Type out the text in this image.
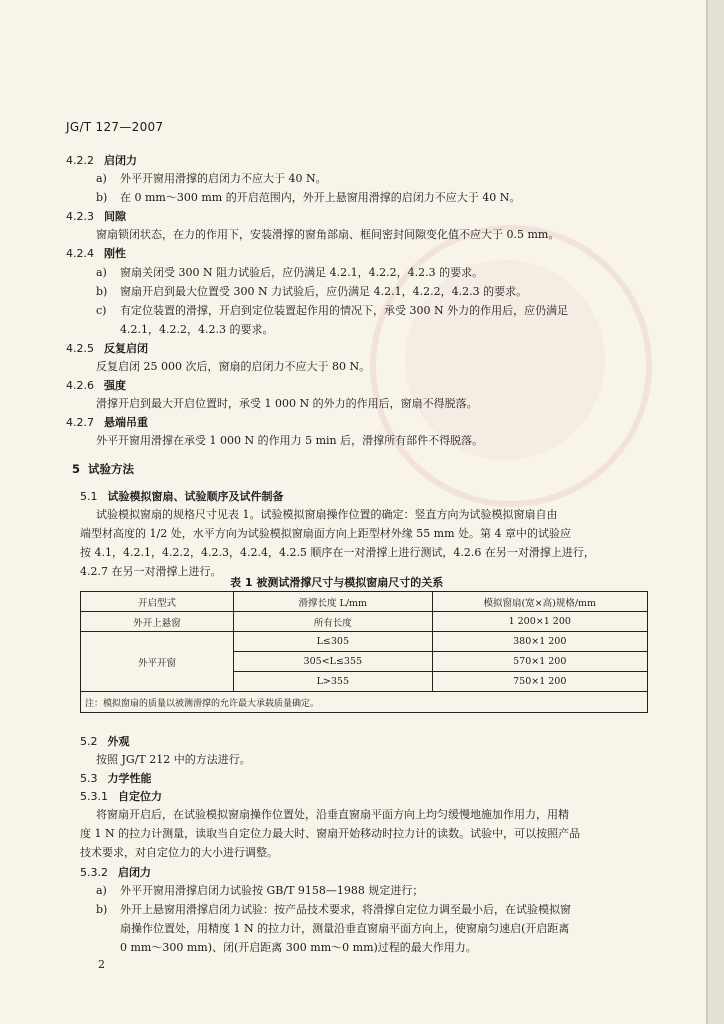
JG/T 127—2007
4.2.2 启闭力
a) 外平开窗用滑撑的启闭力不应大于 40 N。
b) 在 0 mm～300 mm 的开启范围内，外开上悬窗用滑撑的启闭力不应大于 40 N。
4.2.3 间隙
窗扇锁闭状态，在力的作用下，安装滑撑的窗角部扇、框间密封间隙变化值不应大于 0.5 mm。
4.2.4 刚性
a) 窗扇关闭受 300 N 阻力试验后，应仍满足 4.2.1，4.2.2，4.2.3 的要求。
b) 窗扇开启到最大位置受 300 N 力试验后，应仍满足 4.2.1，4.2.2，4.2.3 的要求。
c) 有定位装置的滑撑，开启到定位装置起作用的情况下，承受 300 N 外力的作用后，应仍满足
4.2.1，4.2.2，4.2.3 的要求。
4.2.5 反复启闭
反复启闭 25 000 次后，窗扇的启闭力不应大于 80 N。
4.2.6 强度
滑撑开启到最大开启位置时，承受 1 000 N 的外力的作用后，窗扇不得脱落。
4.2.7 悬端吊重
外平开窗用滑撑在承受 1 000 N 的作用力 5 min 后，滑撑所有部件不得脱落。
5 试验方法
5.1 试验模拟窗扇、试验顺序及试件制备
试验模拟窗扇的规格尺寸见表 1。试验模拟窗扇操作位置的确定：竖直方向为试验模拟窗扇自由
端型材高度的 1/2 处，水平方向为试验模拟窗扇面方向上距型材外缘 55 mm 处。第 4 章中的试验应
按 4.1，4.2.1，4.2.2，4.2.3，4.2.4，4.2.5 顺序在一对滑撑上进行测试，4.2.6 在另一对滑撑上进行，
4.2.7 在另一对滑撑上进行。
表 1 被测试滑撑尺寸与模拟窗扇尺寸的关系
开启型式	滑撑长度 L/mm	模拟窗扇(宽×高)规格/mm
外开上悬窗	所有长度	1 200×1 200
外平开窗	L≤305	380×1 200
	305<L≤355	570×1 200
	L>355	750×1 200
注：模拟窗扇的质量以被测滑撑的允许最大承载质量确定。		
5.2 外观
按照 JG/T 212 中的方法进行。
5.3 力学性能
5.3.1 自定位力
将窗扇开启后，在试验模拟窗扇操作位置处，沿垂直窗扇平面方向上均匀缓慢地施加作用力，用精
度 1 N 的拉力计测量，读取当自定位力最大时、窗扇开始移动时拉力计的读数。试验中，可以按照产品
技术要求，对自定位力的大小进行调整。
5.3.2 启闭力
a) 外平开窗用滑撑启闭力试验按 GB/T 9158—1988 规定进行；
b) 外开上悬窗用滑撑启闭力试验：按产品技术要求，将滑撑自定位力调至最小后，在试验模拟窗
扇操作位置处，用精度 1 N 的拉力计，测量沿垂直窗扇平面方向上，使窗扇匀速启(开启距离
0 mm～300 mm)、闭(开启距离 300 mm～0 mm)过程的最大作用力。
2
